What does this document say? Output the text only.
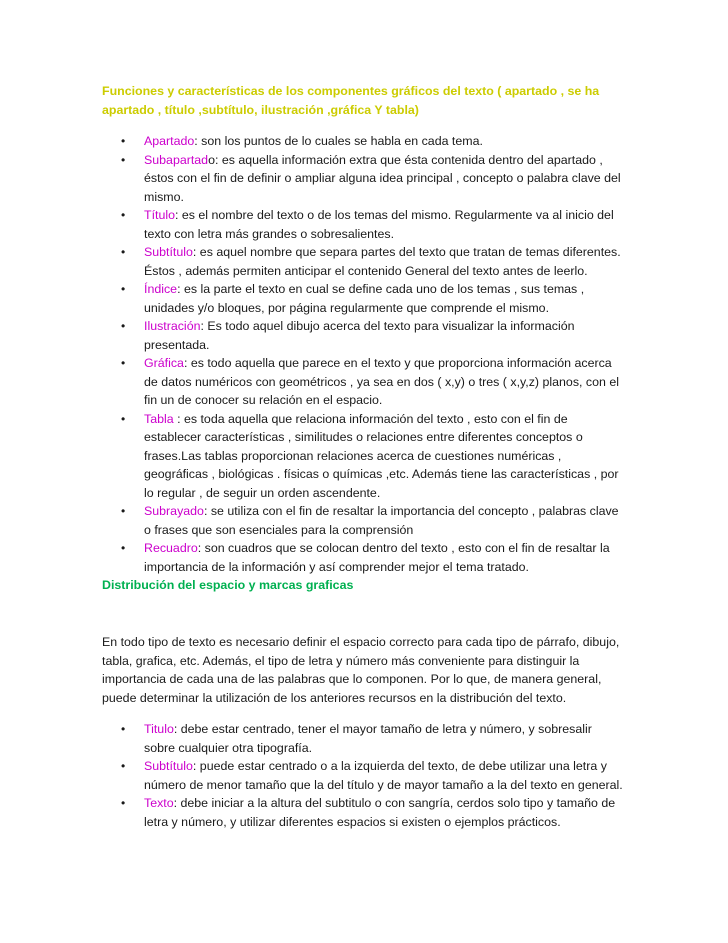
Funciones y características de los componentes gráficos del texto ( apartado , se ha apartado , título ,subtítulo, ilustración ,gráfica Y tabla)

• Apartado: son los puntos de lo cuales se habla en cada tema.
• Subapartado: es aquella información extra que ésta contenida dentro del apartado , éstos con el fin de definir o ampliar alguna idea principal , concepto o palabra clave del mismo.
• Título: es el nombre del texto o de los temas del mismo. Regularmente va al inicio del texto con letra más grandes o sobresalientes.
• Subtítulo: es aquel nombre que separa partes del texto que tratan de temas diferentes. Éstos , además permiten anticipar el contenido General del texto antes de leerlo.
• Índice: es la parte el texto en cual se define cada uno de los temas , sus temas , unidades y/o bloques, por página regularmente que comprende el mismo.
• Ilustración: Es todo aquel dibujo acerca del texto para visualizar la información presentada.
• Gráfica: es todo aquella que parece en el texto y que proporciona información acerca de datos numéricos con geométricos , ya sea en dos ( x,y) o tres ( x,y,z) planos, con el fin un de conocer su relación en el espacio.
• Tabla : es toda aquella que relaciona información del texto , esto con el fin de establecer características , similitudes o relaciones entre diferentes conceptos o frases.Las tablas proporcionan relaciones acerca de cuestiones numéricas , geográficas , biológicas . físicas o químicas ,etc. Además tiene las características , por lo regular , de seguir un orden ascendente.
• Subrayado: se utiliza con el fin de resaltar la importancia del concepto , palabras clave o frases que son esenciales para la comprensión
• Recuadro: son cuadros que se colocan dentro del texto , esto con el fin de resaltar la importancia de la información y así comprender mejor el tema tratado.

Distribución del espacio y marcas graficas

En todo tipo de texto es necesario definir el espacio correcto para cada tipo de párrafo, dibujo, tabla, grafica, etc. Además, el tipo de letra y número más conveniente para distinguir la importancia de cada una de las palabras que lo componen. Por lo que, de manera general, puede determinar la utilización de los anteriores recursos en la distribución del texto.

• Titulo: debe estar centrado, tener el mayor tamaño de letra y número, y sobresalir sobre cualquier otra tipografía.
• Subtítulo: puede estar centrado o a la izquierda del texto, de debe utilizar una letra y número de menor tamaño que la del título y de mayor tamaño a la del texto en general.
• Texto: debe iniciar a la altura del subtitulo o con sangría, cerdos solo tipo y tamaño de letra y número, y utilizar diferentes espacios si existen o ejemplos prácticos.
